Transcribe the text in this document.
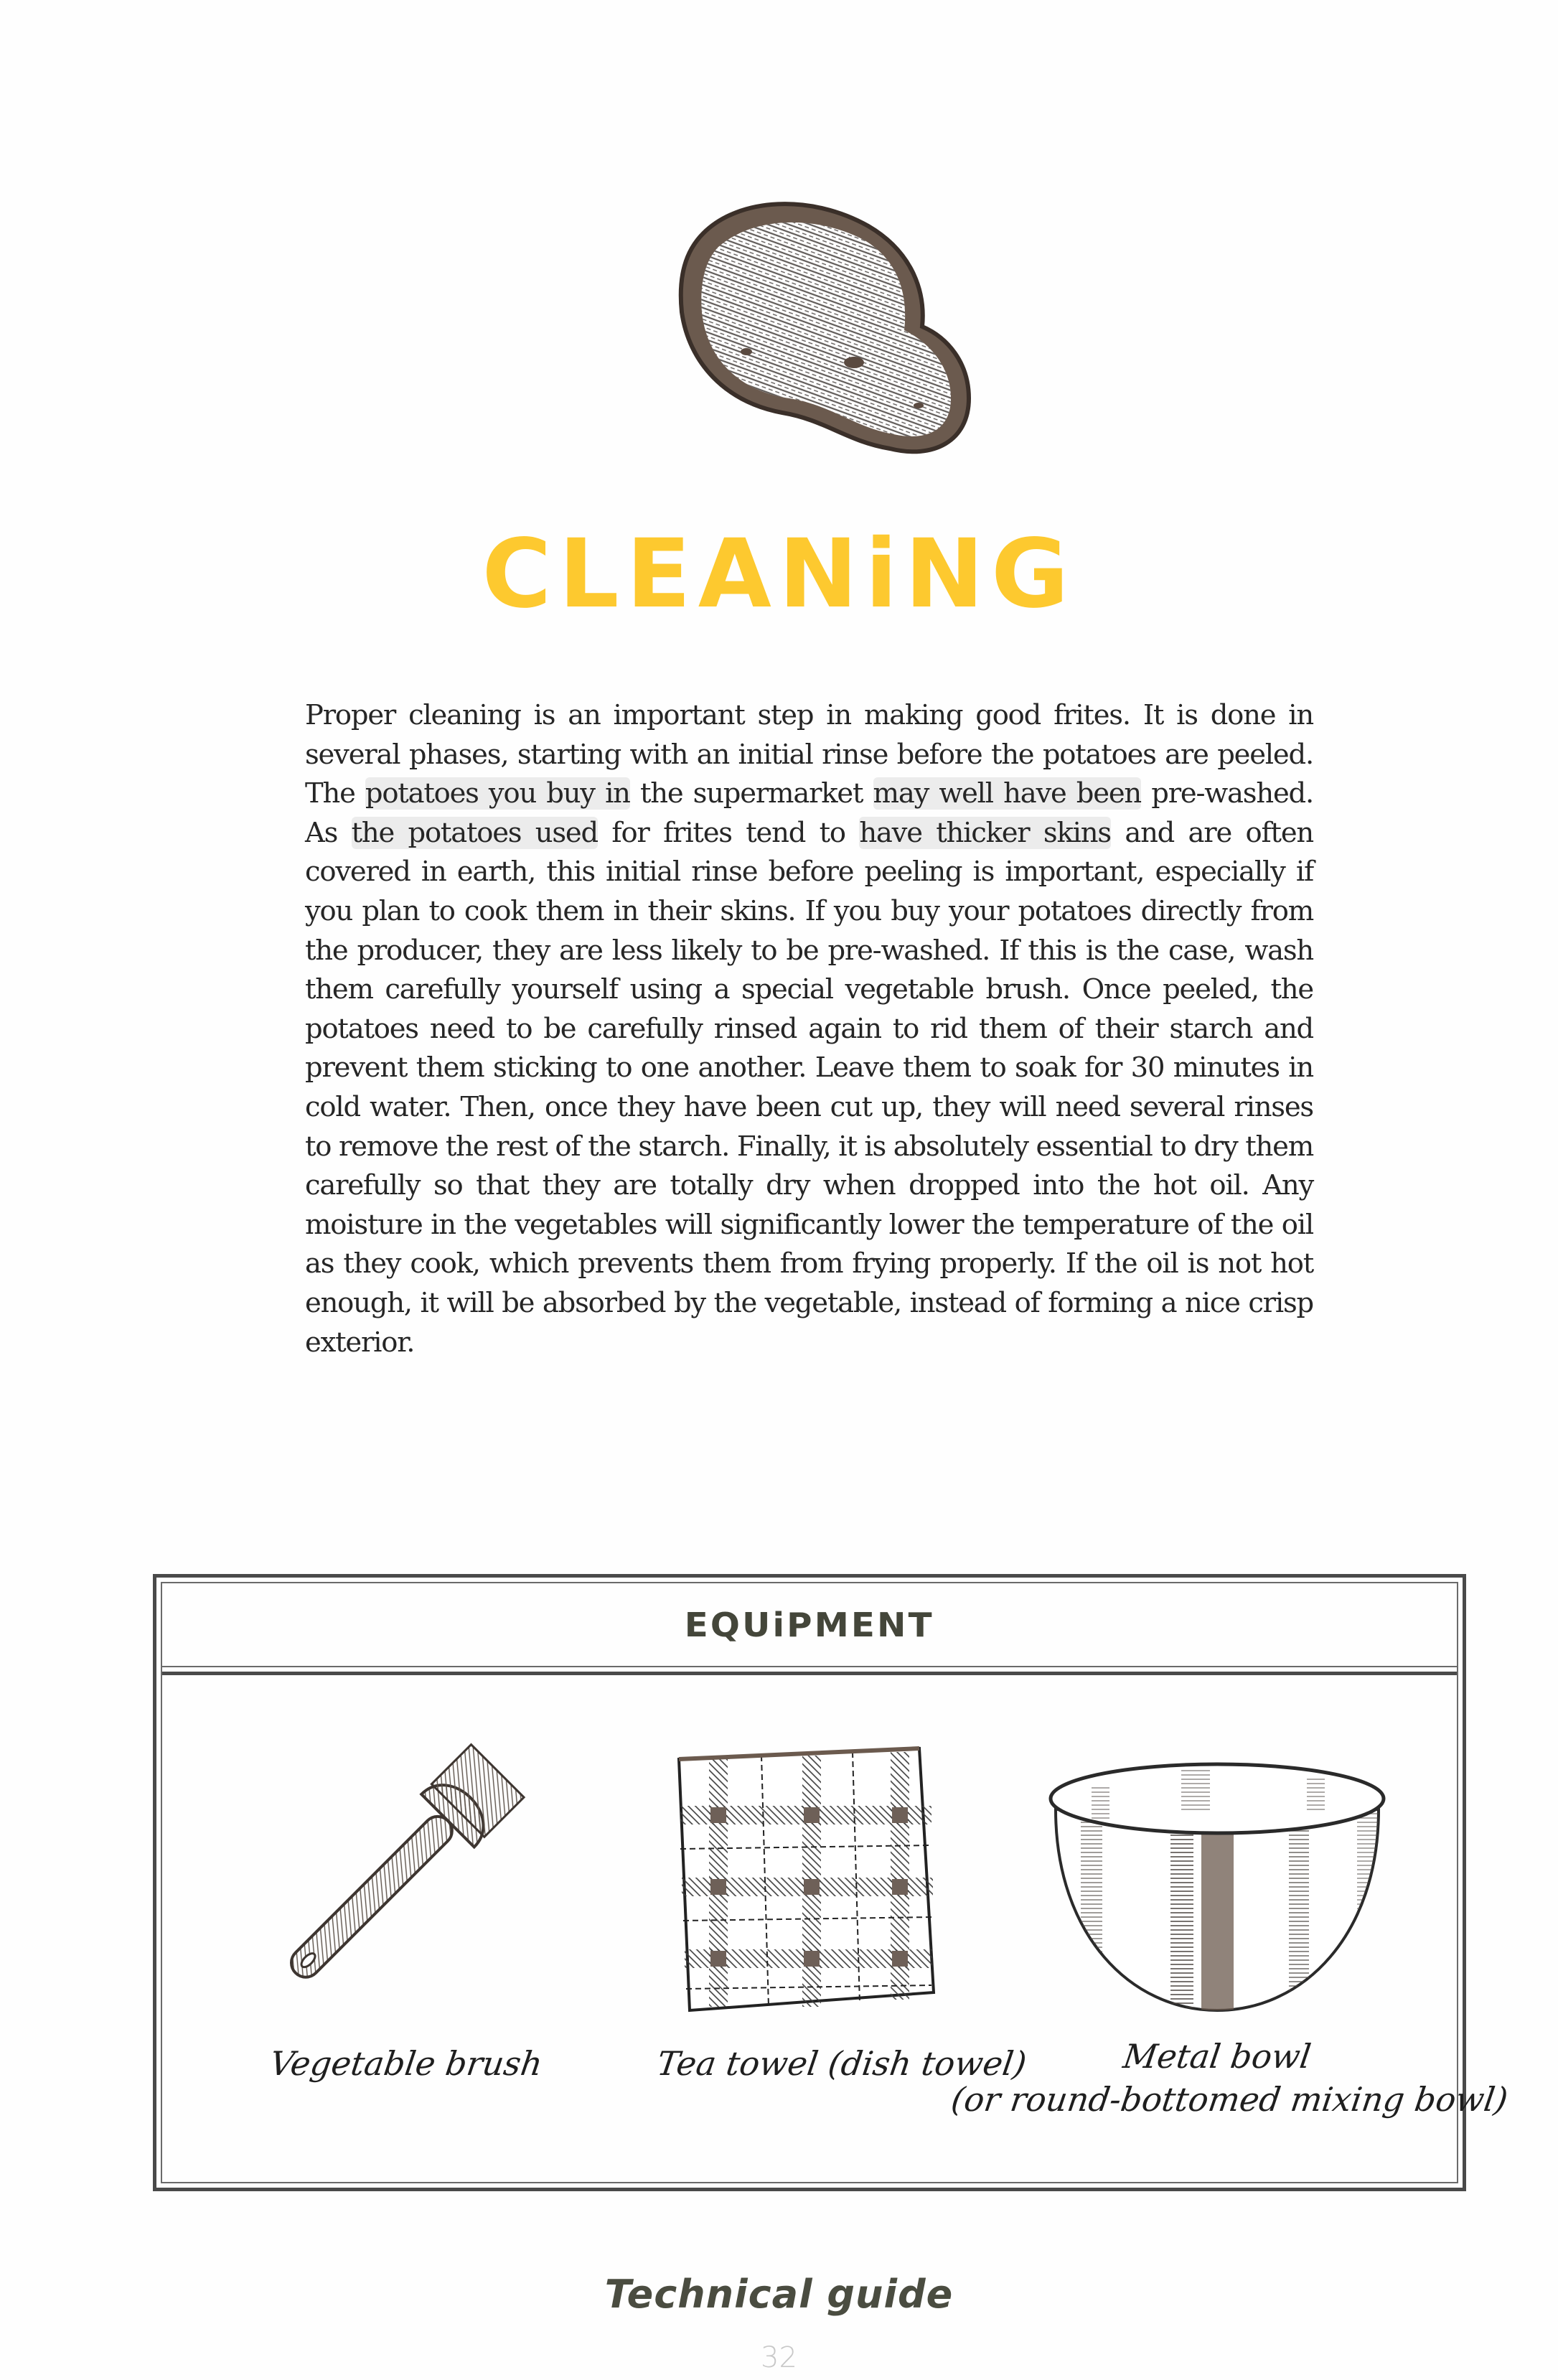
CLEANiNG
Proper cleaning is an important step in making good frites. It is done in several phases, starting with an initial rinse before the potatoes are peeled. The potatoes you buy in the supermarket may well have been pre-washed. As the potatoes used for frites tend to have thicker skins and are often covered in earth, this initial rinse before peeling is important, especially if you plan to cook them in their skins. If you buy your potatoes directly from the producer, they are less likely to be pre-washed. If this is the case, wash them carefully yourself using a special vegetable brush. Once peeled, the potatoes need to be carefully rinsed again to rid them of their starch and prevent them sticking to one another. Leave them to soak for 30 minutes in cold water. Then, once they have been cut up, they will need several rinses to remove the rest of the starch. Finally, it is absolutely essential to dry them carefully so that they are totally dry when dropped into the hot oil. Any moisture in the vegetables will significantly lower the temperature of the oil as they cook, which prevents them from frying properly. If the oil is not hot enough, it will be absorbed by the vegetable, instead of forming a nice crisp exterior.
EQUiPMENT
Vegetable brush	Tea towel (dish towel)	Metal bowl
(or round-bottomed mixing bowl)
Technical guide
32
